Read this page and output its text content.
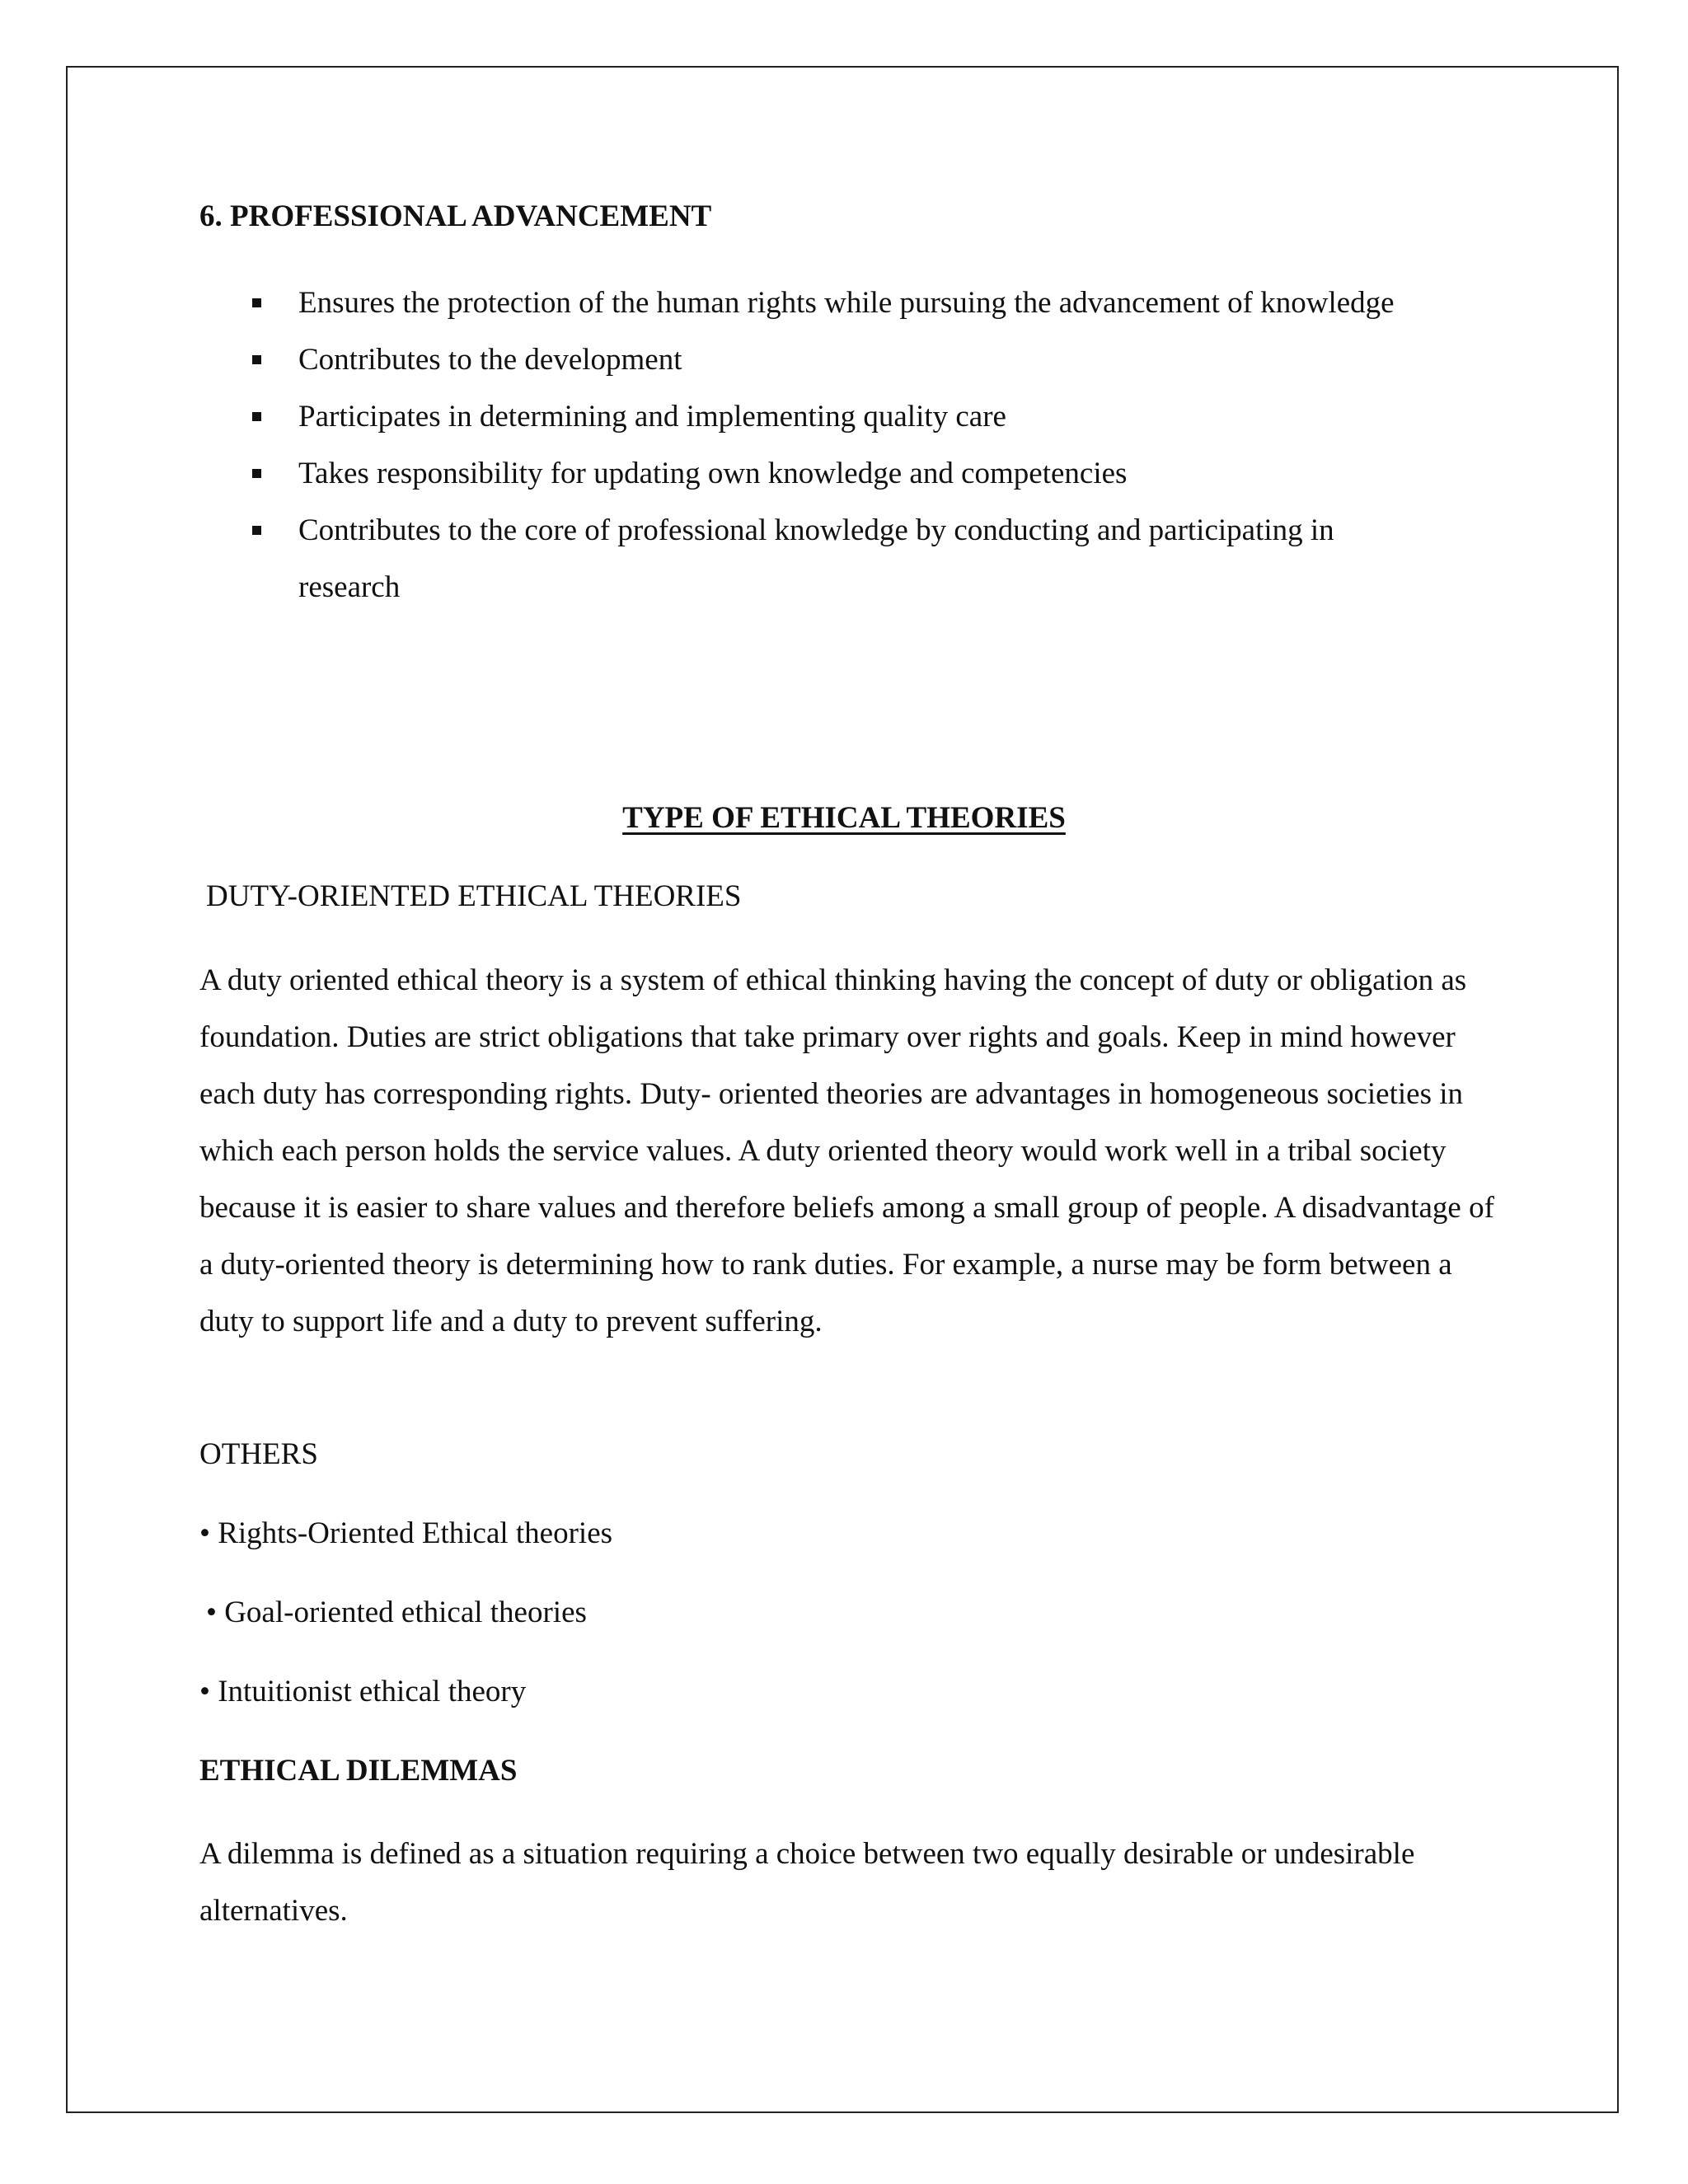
6. PROFESSIONAL ADVANCEMENT
Ensures the protection of the human rights while pursuing the advancement of knowledge
Contributes to the development
Participates in determining and implementing quality care
Takes responsibility for updating own knowledge and competencies
Contributes to the core of professional knowledge by conducting and participating in research
TYPE OF ETHICAL THEORIES
DUTY-ORIENTED ETHICAL THEORIES
A duty oriented ethical theory is a system of ethical thinking having the concept of duty or obligation as foundation. Duties are strict obligations that take primary over rights and goals. Keep in mind however each duty has corresponding rights. Duty- oriented theories are advantages in homogeneous societies in which each person holds the service values. A duty oriented theory would work well in a tribal society because it is easier to share values and therefore beliefs among a small group of people. A disadvantage of a duty-oriented theory is determining how to rank duties. For example, a nurse may be form between a duty to support life and a duty to prevent suffering.
OTHERS
• Rights-Oriented Ethical theories
• Goal-oriented ethical theories
• Intuitionist ethical theory
ETHICAL DILEMMAS
A dilemma is defined as a situation requiring a choice between two equally desirable or undesirable alternatives.
